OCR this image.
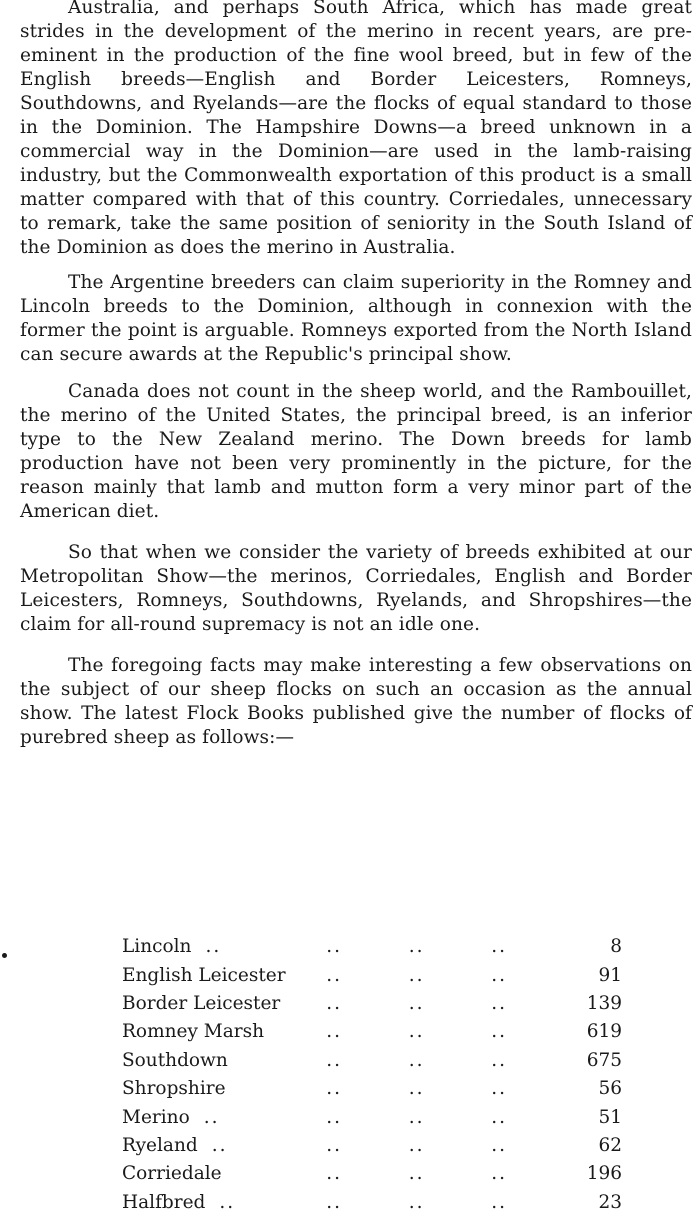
Australia, and perhaps South Africa, which has made great strides in the development of the merino in recent years, are pre-eminent in the production of the fine wool breed, but in few of the English breeds—English and Border Leicesters, Romneys, Southdowns, and Ryelands—are the flocks of equal standard to those in the Dominion. The Hampshire Downs—a breed unknown in a commercial way in the Dominion—are used in the lamb-raising industry, but the Commonwealth exportation of this product is a small matter compared with that of this country. Corriedales, unnecessary to remark, take the same position of seniority in the South Island of the Dominion as does the merino in Australia.

The Argentine breeders can claim superiority in the Romney and Lincoln breeds to the Dominion, although in connexion with the former the point is arguable. Romneys exported from the North Island can secure awards at the Republic's principal show.

Canada does not count in the sheep world, and the Rambouillet, the merino of the United States, the principal breed, is an inferior type to the New Zealand merino. The Down breeds for lamb production have not been very prominently in the picture, for the reason mainly that lamb and mutton form a very minor part of the American diet.

So that when we consider the variety of breeds exhibited at our Metropolitan Show—the merinos, Corriedales, English and Border Leicesters, Romneys, Southdowns, Ryelands, and Shropshires—the claim for all-round supremacy is not an idle one.

The foregoing facts may make interesting a few observations on the subject of our sheep flocks on such an occasion as the annual show. The latest Flock Books published give the number of flocks of purebred sheep as follows:—

Lincoln ..	..	..	..	8
English Leicester	..	..	..	91
Border Leicester	..	..	..	139
Romney Marsh	..	..	..	619
Southdown	..	..	..	675
Shropshire	..	..	..	56
Merino ..	..	..	..	51
Ryeland ..	..	..	..	62
Corriedale	..	..	..	196
Halfbred ..	..	..	..	23
